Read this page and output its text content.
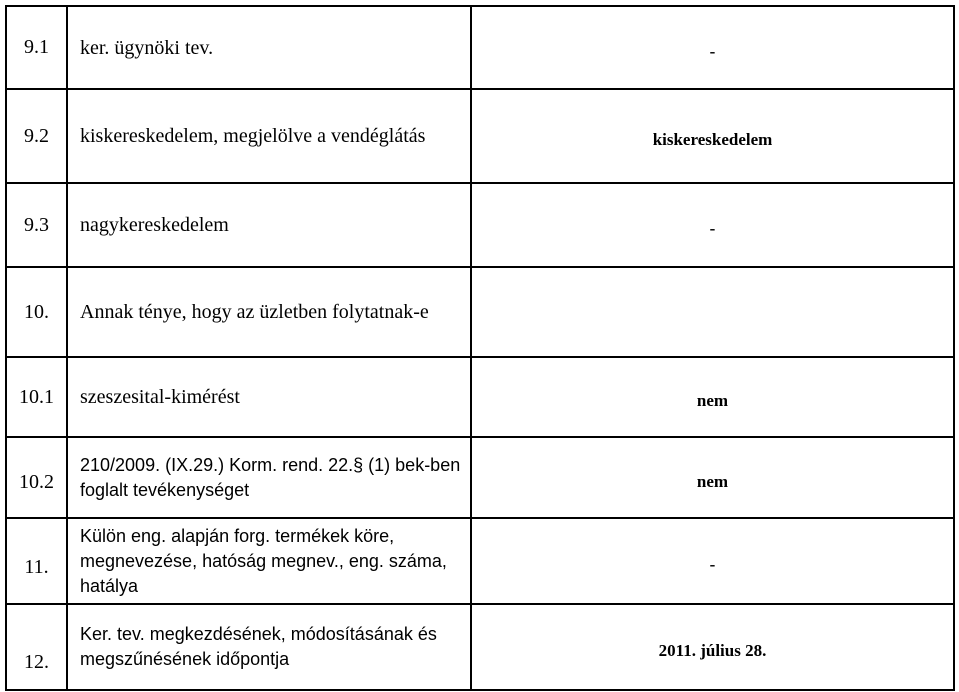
9.1	ker. ügynöki tev.	-
9.2	kiskereskedelem, megjelölve a vendéglátás	kiskereskedelem
9.3	nagykereskedelem	-
10.	Annak ténye, hogy az üzletben folytatnak-e	
10.1	szeszesital-kimérést	nem
10.2	210/2009. (IX.29.) Korm. rend. 22.§ (1) bek-ben foglalt tevékenységet	nem
11.	Külön eng. alapján forg. termékek köre, megnevezése, hatóság megnev., eng. száma, hatálya	-
12.	Ker. tev. megkezdésének, módosításának és megszűnésének időpontja	2011. július 28.
